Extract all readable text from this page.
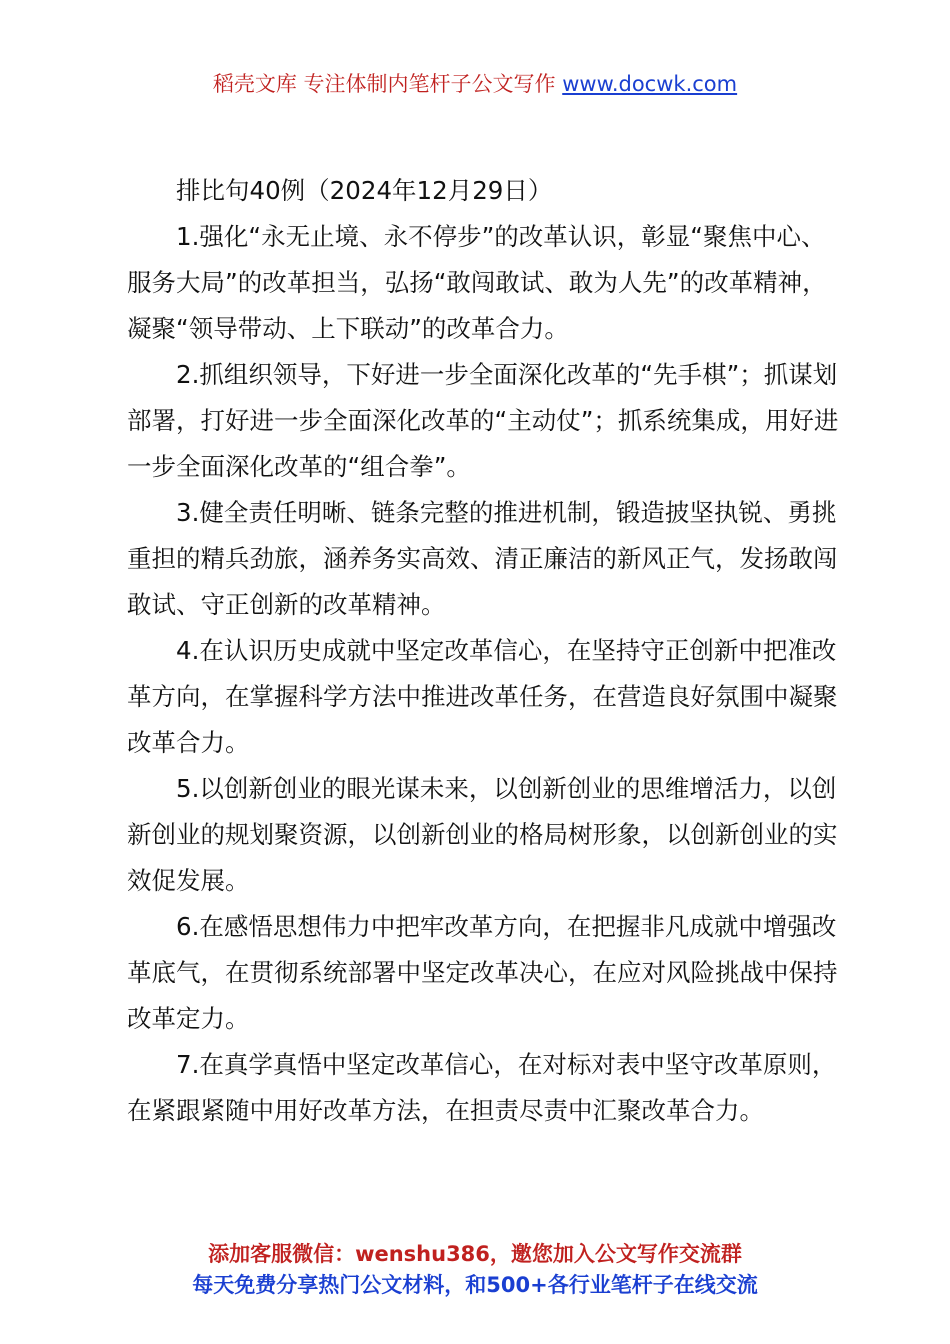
稻壳文库 专注体制内笔杆子公文写作 www.docwk.com

排比句40例（2024年12月29日）

1.强化“永无止境、永不停步”的改革认识，彰显“聚焦中心、服务大局”的改革担当，弘扬“敢闯敢试、敢为人先”的改革精神，凝聚“领导带动、上下联动”的改革合力。

2.抓组织领导，下好进一步全面深化改革的“先手棋”；抓谋划部署，打好进一步全面深化改革的“主动仗”；抓系统集成，用好进一步全面深化改革的“组合拳”。

3.健全责任明晰、链条完整的推进机制，锻造披坚执锐、勇挑重担的精兵劲旅，涵养务实高效、清正廉洁的新风正气，发扬敢闯敢试、守正创新的改革精神。

4.在认识历史成就中坚定改革信心，在坚持守正创新中把准改革方向，在掌握科学方法中推进改革任务，在营造良好氛围中凝聚改革合力。

5.以创新创业的眼光谋未来，以创新创业的思维增活力，以创新创业的规划聚资源，以创新创业的格局树形象，以创新创业的实效促发展。

6.在感悟思想伟力中把牢改革方向，在把握非凡成就中增强改革底气，在贯彻系统部署中坚定改革决心，在应对风险挑战中保持改革定力。

7.在真学真悟中坚定改革信心，在对标对表中坚守改革原则，在紧跟紧随中用好改革方法，在担责尽责中汇聚改革合力。

添加客服微信：wenshu386，邀您加入公文写作交流群
每天免费分享热门公文材料，和500+各行业笔杆子在线交流
